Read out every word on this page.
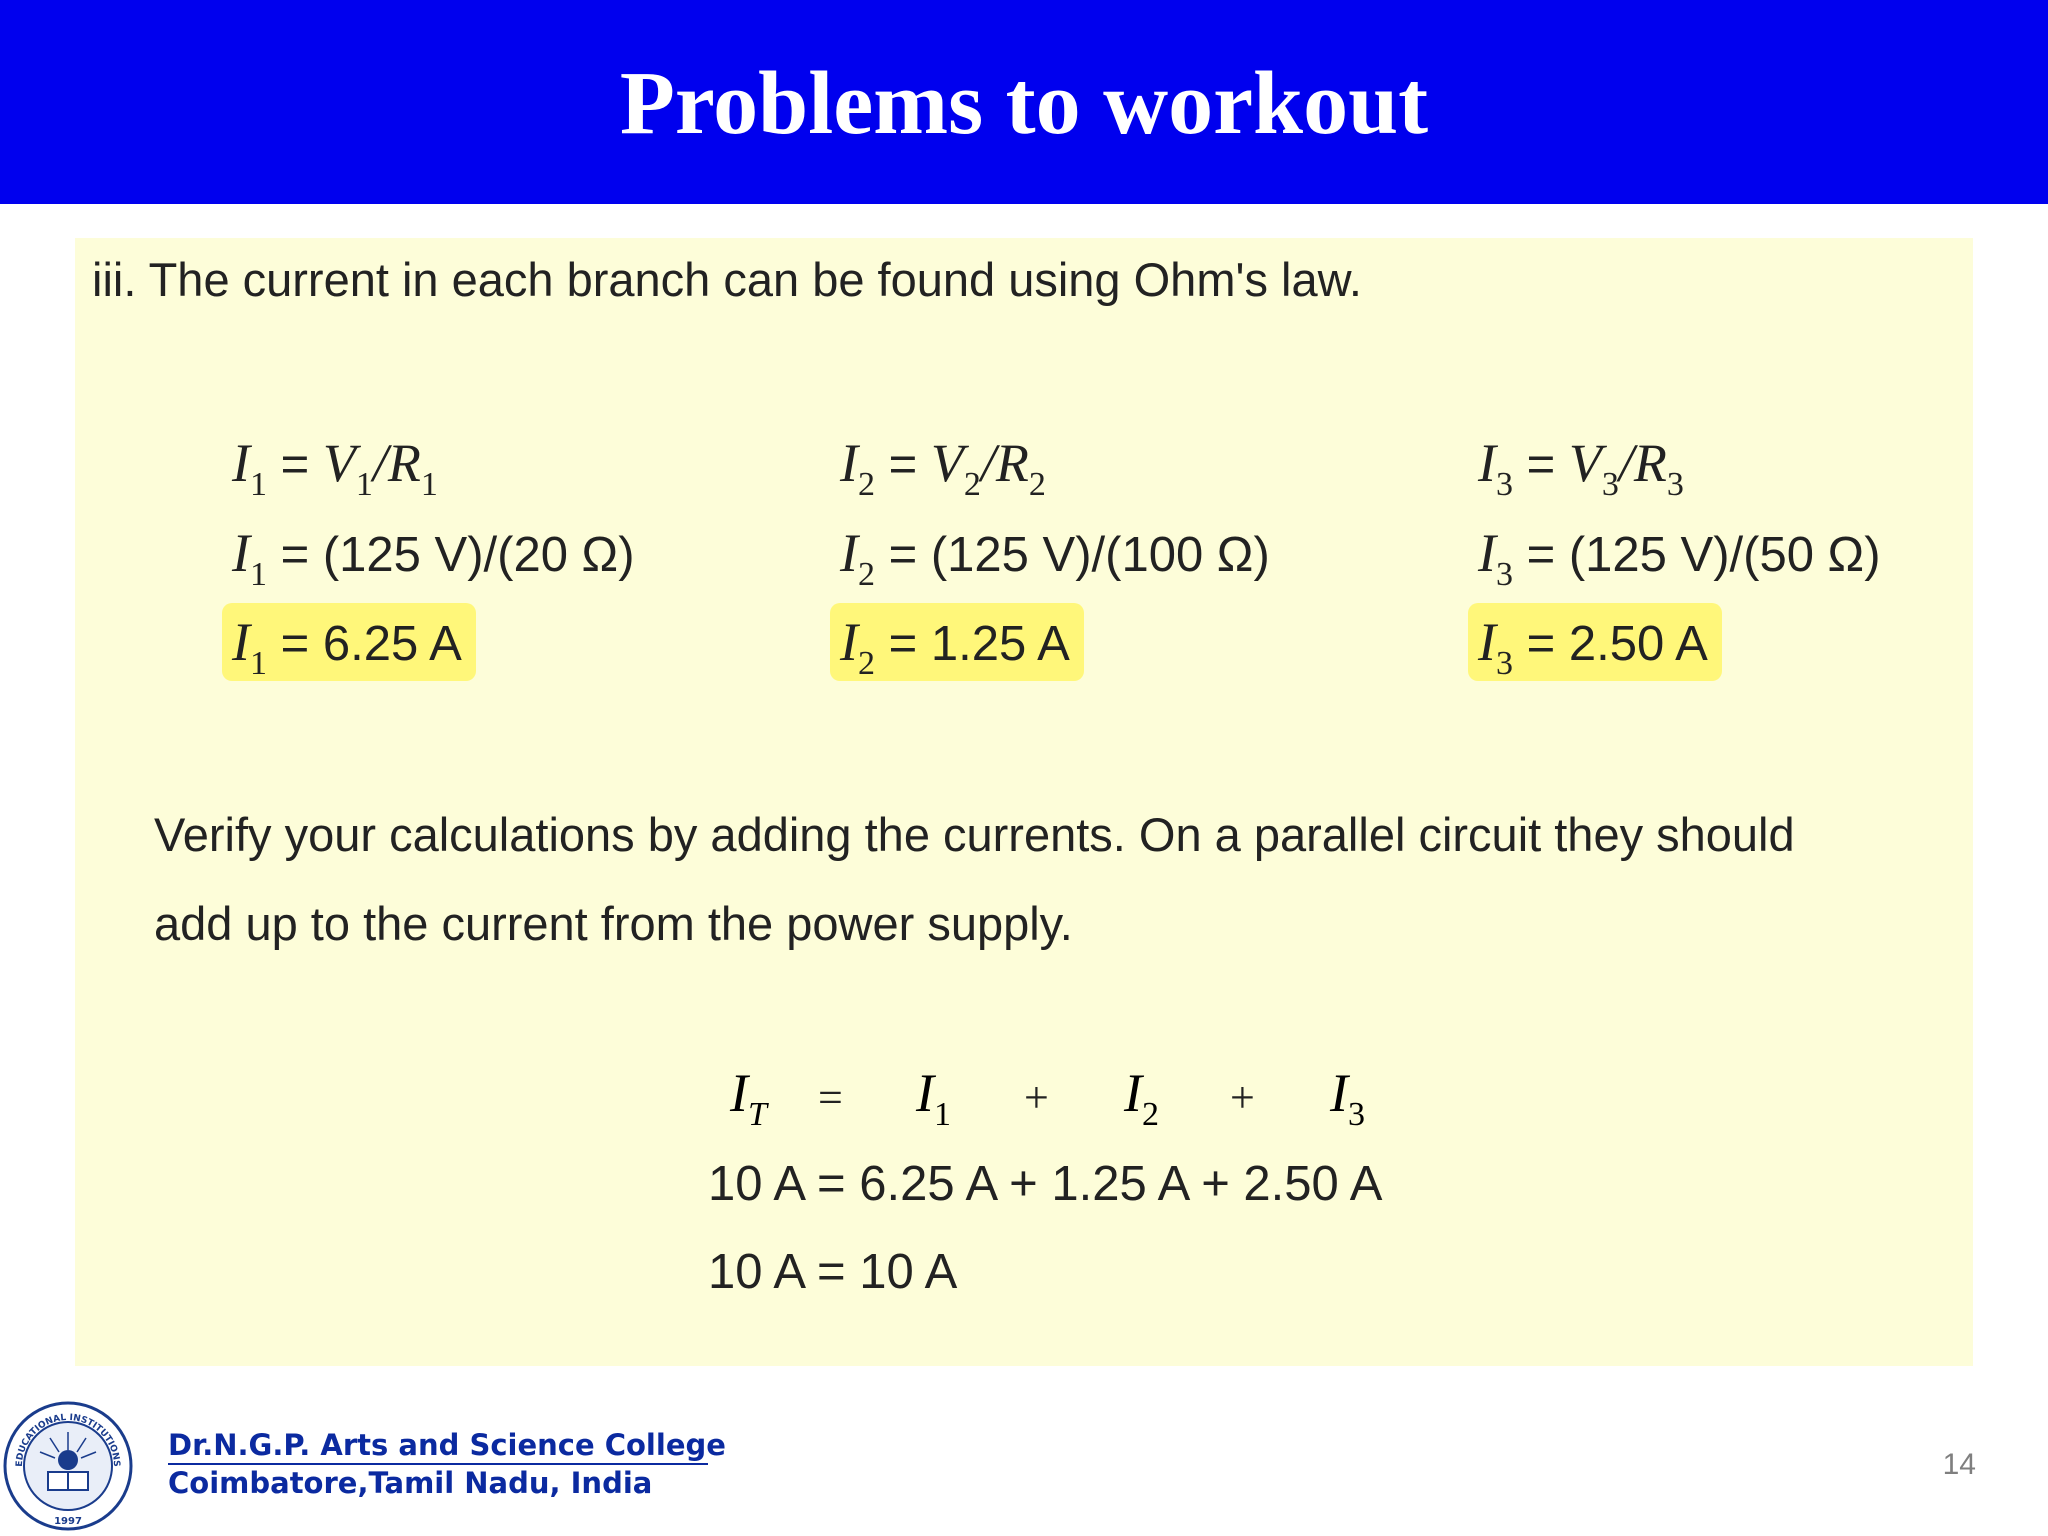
Problems to workout
iii. The current in each branch can be found using Ohm's law.
$I_1 = V_1/R_1$
$I_1 = (125$ V)/(20 Ω)
$I_1 = 6.25$ A
$I_2 = V_2/R_2$
$I_2 = (125$ V)/(100 Ω)
$I_2 = 1.25$ A
$I_3 = V_3/R_3$
$I_3 = (125$ V)/(50 Ω)
$I_3 = 2.50$ A
Verify your calculations by adding the currents. On a parallel circuit they should
add up to the current from the power supply.
$I_T = I_1 + I_2 + I_3$
10 A = 6.25 A + 1.25 A + 2.50 A
10 A = 10 A
EDUCATIONAL INSTITUTIONS
1997
Dr.N.G.P. Arts and Science College
Coimbatore,Tamil Nadu, India
14
